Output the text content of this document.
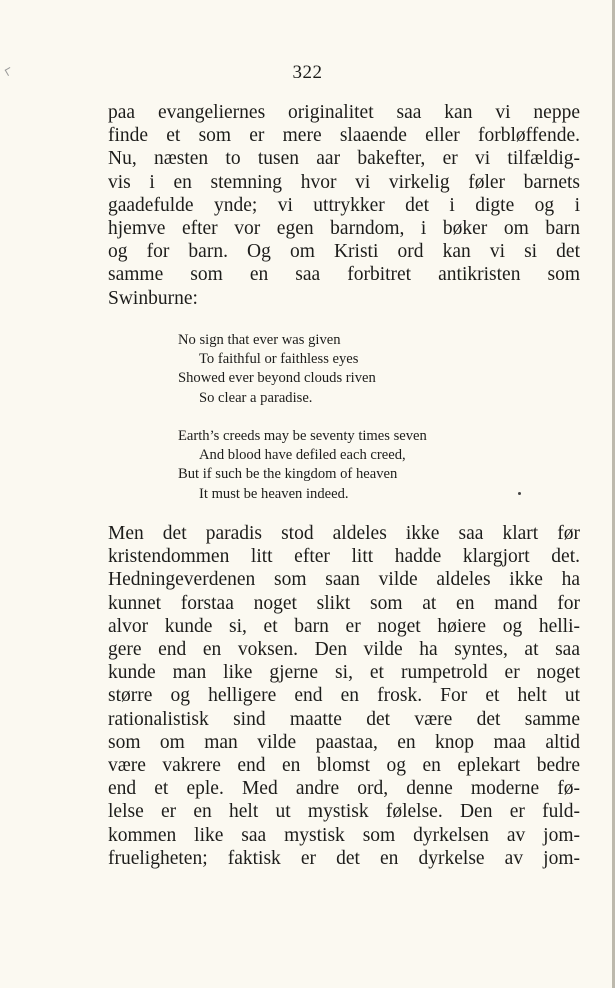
322
paa evangeliernes originalitet saa kan vi neppe
finde et som er mere slaaende eller forbløffende.
Nu, næsten to tusen aar bakefter, er vi tilfældig-
vis i en stemning hvor vi virkelig føler barnets
gaadefulde ynde; vi uttrykker det i digte og i
hjemve efter vor egen barndom, i bøker om barn
og for barn. Og om Kristi ord kan vi si det
samme som en saa forbitret antikristen som
Swinburne:
No sign that ever was given
To faithful or faithless eyes
Showed ever beyond clouds riven
So clear a paradise.
Earth’s creeds may be seventy times seven
And blood have defiled each creed,
But if such be the kingdom of heaven
It must be heaven indeed.
Men det paradis stod aldeles ikke saa klart før
kristendommen litt efter litt hadde klargjort det.
Hedningeverdenen som saan vilde aldeles ikke ha
kunnet forstaa noget slikt som at en mand for
alvor kunde si, et barn er noget høiere og helli-
gere end en voksen. Den vilde ha syntes, at saa
kunde man like gjerne si, et rumpetrold er noget
større og helligere end en frosk. For et helt ut
rationalistisk sind maatte det være det samme
som om man vilde paastaa, en knop maa altid
være vakrere end en blomst og en eplekart bedre
end et eple. Med andre ord, denne moderne fø-
lelse er en helt ut mystisk følelse. Den er fuld-
kommen like saa mystisk som dyrkelsen av jom-
frueligheten; faktisk er det en dyrkelse av jom-
